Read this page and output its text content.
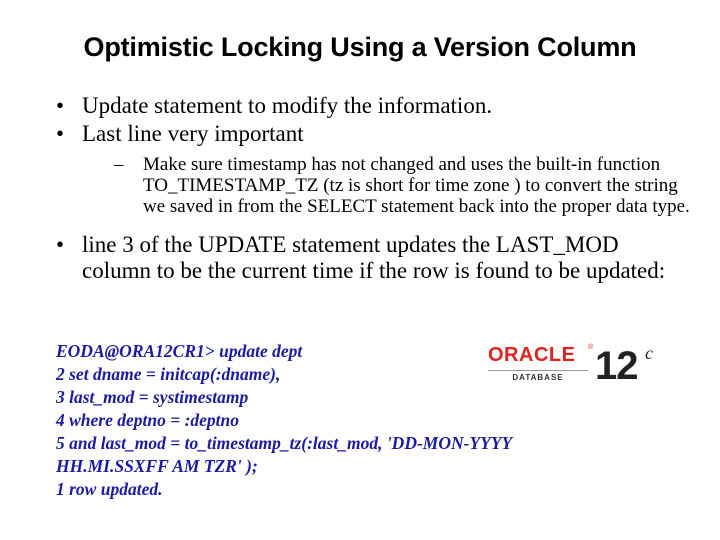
Optimistic Locking Using a Version Column
• Update statement to modify the information.
• Last line very important
– Make sure timestamp has not changed and uses the built-in function TO_TIMESTAMP_TZ (tz is short for time zone ) to convert the string we saved in from the SELECT statement back into the proper data type.
• line 3 of the UPDATE statement updates the LAST_MOD column to be the current time if the row is found to be updated:
EODA@ORA12CR1> update dept
2 set dname = initcap(:dname),
3 last_mod = systimestamp
4 where deptno = :deptno
5 and last_mod = to_timestamp_tz(:last_mod, 'DD-MON-YYYY
HH.MI.SSXFF AM TZR' );
1 row updated.
ORACLE	®
DATABASE 12 c
